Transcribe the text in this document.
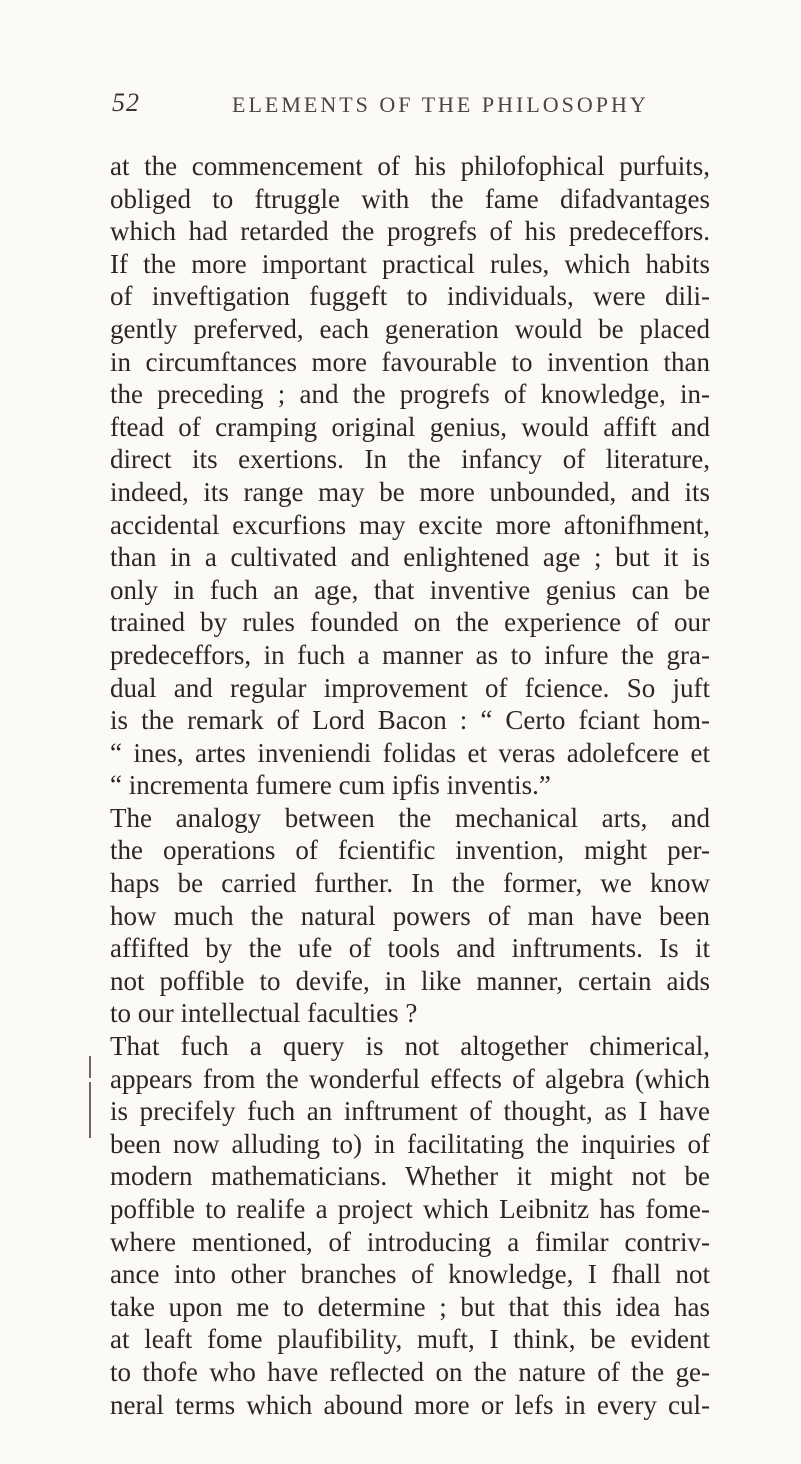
52	ELEMENTS OF THE PHILOSOPHY
at the commencement of his philofophical purfuits,
obliged to ftruggle with the fame difadvantages
which had retarded the progrefs of his predeceffors.
If the more important practical rules, which habits
of inveftigation fuggeft to individuals, were dili-
gently preferved, each generation would be placed
in circumftances more favourable to invention than
the preceding ; and the progrefs of knowledge, in-
ftead of cramping original genius, would affift and
direct its exertions. In the infancy of literature,
indeed, its range may be more unbounded, and its
accidental excurfions may excite more aftonifhment,
than in a cultivated and enlightened age ; but it is
only in fuch an age, that inventive genius can be
trained by rules founded on the experience of our
predeceffors, in fuch a manner as to infure the gra-
dual and regular improvement of fcience. So juft
is the remark of Lord Bacon : “ Certo fciant hom-
“ ines, artes inveniendi folidas et veras adolefcere et
“ incrementa fumere cum ipfis inventis.”
The analogy between the mechanical arts, and
the operations of fcientific invention, might per-
haps be carried further. In the former, we know
how much the natural powers of man have been
affifted by the ufe of tools and inftruments. Is it
not poffible to devife, in like manner, certain aids
to our intellectual faculties ?
That fuch a query is not altogether chimerical,
appears from the wonderful effects of algebra (which
is precifely fuch an inftrument of thought, as I have
been now alluding to) in facilitating the inquiries of
modern mathematicians. Whether it might not be
poffible to realife a project which Leibnitz has fome-
where mentioned, of introducing a fimilar contriv-
ance into other branches of knowledge, I fhall not
take upon me to determine ; but that this idea has
at leaft fome plaufibility, muft, I think, be evident
to thofe who have reflected on the nature of the ge-
neral terms which abound more or lefs in every cul-
